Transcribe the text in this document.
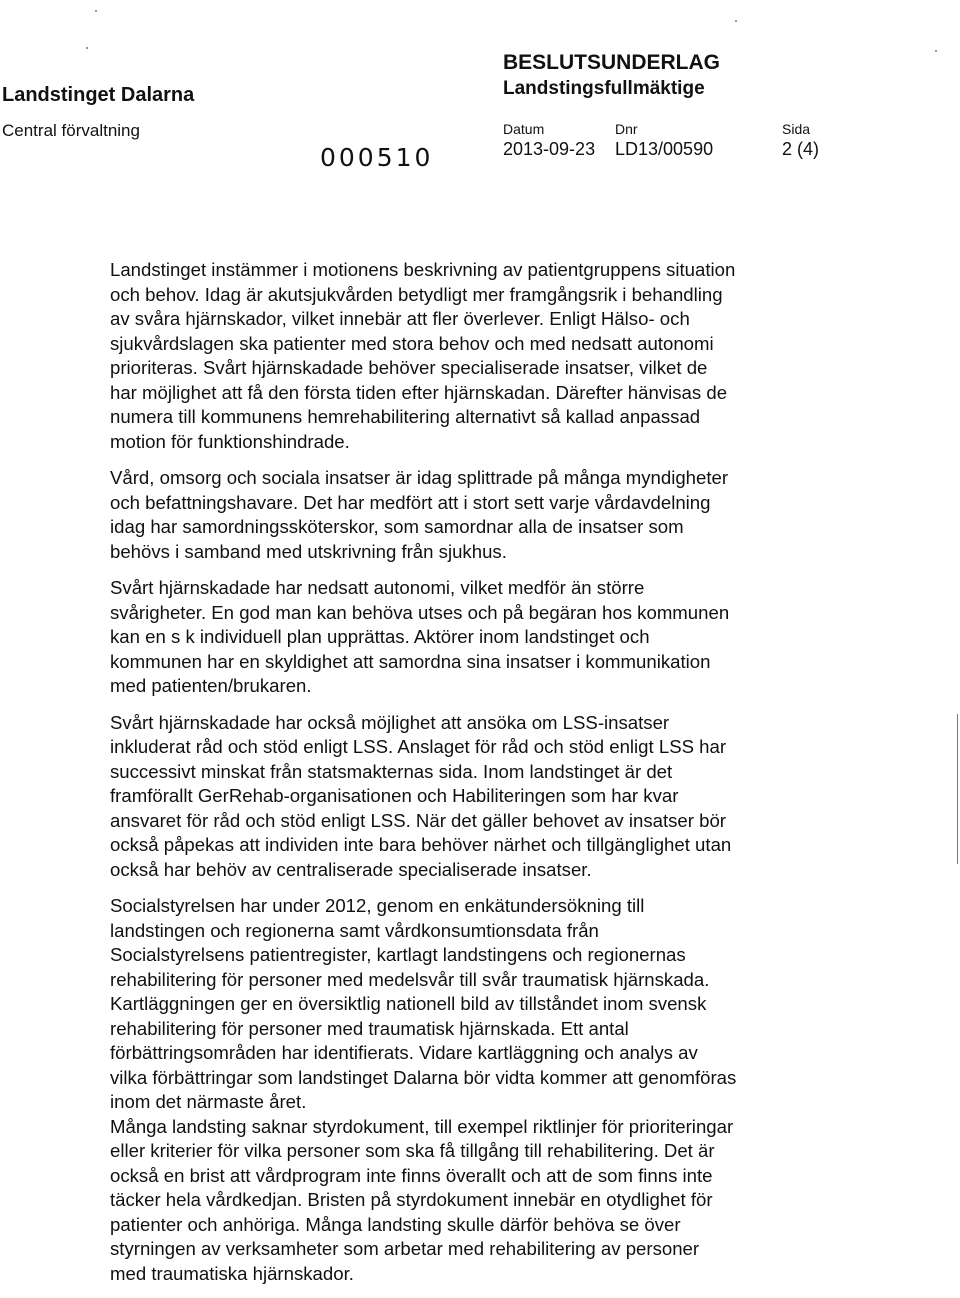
Landstinget Dalarna
Central förvaltning
000510
BESLUTSUNDERLAG
Landstingsfullmäktige
Datum	Dnr	Sida
2013-09-23 LD13/00590	2 (4)

Landstinget instämmer i motionens beskrivning av patientgruppens situation
och behov. Idag är akutsjukvården betydligt mer framgångsrik i behandling
av svåra hjärnskador, vilket innebär att fler överlever. Enligt Hälso- och
sjukvårdslagen ska patienter med stora behov och med nedsatt autonomi
prioriteras. Svårt hjärnskadade behöver specialiserade insatser, vilket de
har möjlighet att få den första tiden efter hjärnskadan. Därefter hänvisas de
numera till kommunens hemrehabilitering alternativt så kallad anpassad
motion för funktionshindrade.

Vård, omsorg och sociala insatser är idag splittrade på många myndigheter
och befattningshavare. Det har medfört att i stort sett varje vårdavdelning
idag har samordningssköterskor, som samordnar alla de insatser som
behövs i samband med utskrivning från sjukhus.

Svårt hjärnskadade har nedsatt autonomi, vilket medför än större
svårigheter. En god man kan behöva utses och på begäran hos kommunen
kan en s k individuell plan upprättas. Aktörer inom landstinget och
kommunen har en skyldighet att samordna sina insatser i kommunikation
med patienten/brukaren.

Svårt hjärnskadade har också möjlighet att ansöka om LSS-insatser
inkluderat råd och stöd enligt LSS. Anslaget för råd och stöd enligt LSS har
successivt minskat från statsmakternas sida. Inom landstinget är det
framförallt GerRehab-organisationen och Habiliteringen som har kvar
ansvaret för råd och stöd enligt LSS. När det gäller behovet av insatser bör
också påpekas att individen inte bara behöver närhet och tillgänglighet utan
också har behöv av centraliserade specialiserade insatser.

Socialstyrelsen har under 2012, genom en enkätundersökning till
landstingen och regionerna samt vårdkonsumtionsdata från
Socialstyrelsens patientregister, kartlagt landstingens och regionernas
rehabilitering för personer med medelsvår till svår traumatisk hjärnskada.
Kartläggningen ger en översiktlig nationell bild av tillståndet inom svensk
rehabilitering för personer med traumatisk hjärnskada. Ett antal
förbättringsområden har identifierats. Vidare kartläggning och analys av
vilka förbättringar som landstinget Dalarna bör vidta kommer att genomföras
inom det närmaste året.
Många landsting saknar styrdokument, till exempel riktlinjer för prioriteringar
eller kriterier för vilka personer som ska få tillgång till rehabilitering. Det är
också en brist att vårdprogram inte finns överallt och att de som finns inte
täcker hela vårdkedjan. Bristen på styrdokument innebär en otydlighet för
patienter och anhöriga. Många landsting skulle därför behöva se över
styrningen av verksamheter som arbetar med rehabilitering av personer
med traumatiska hjärnskador.
